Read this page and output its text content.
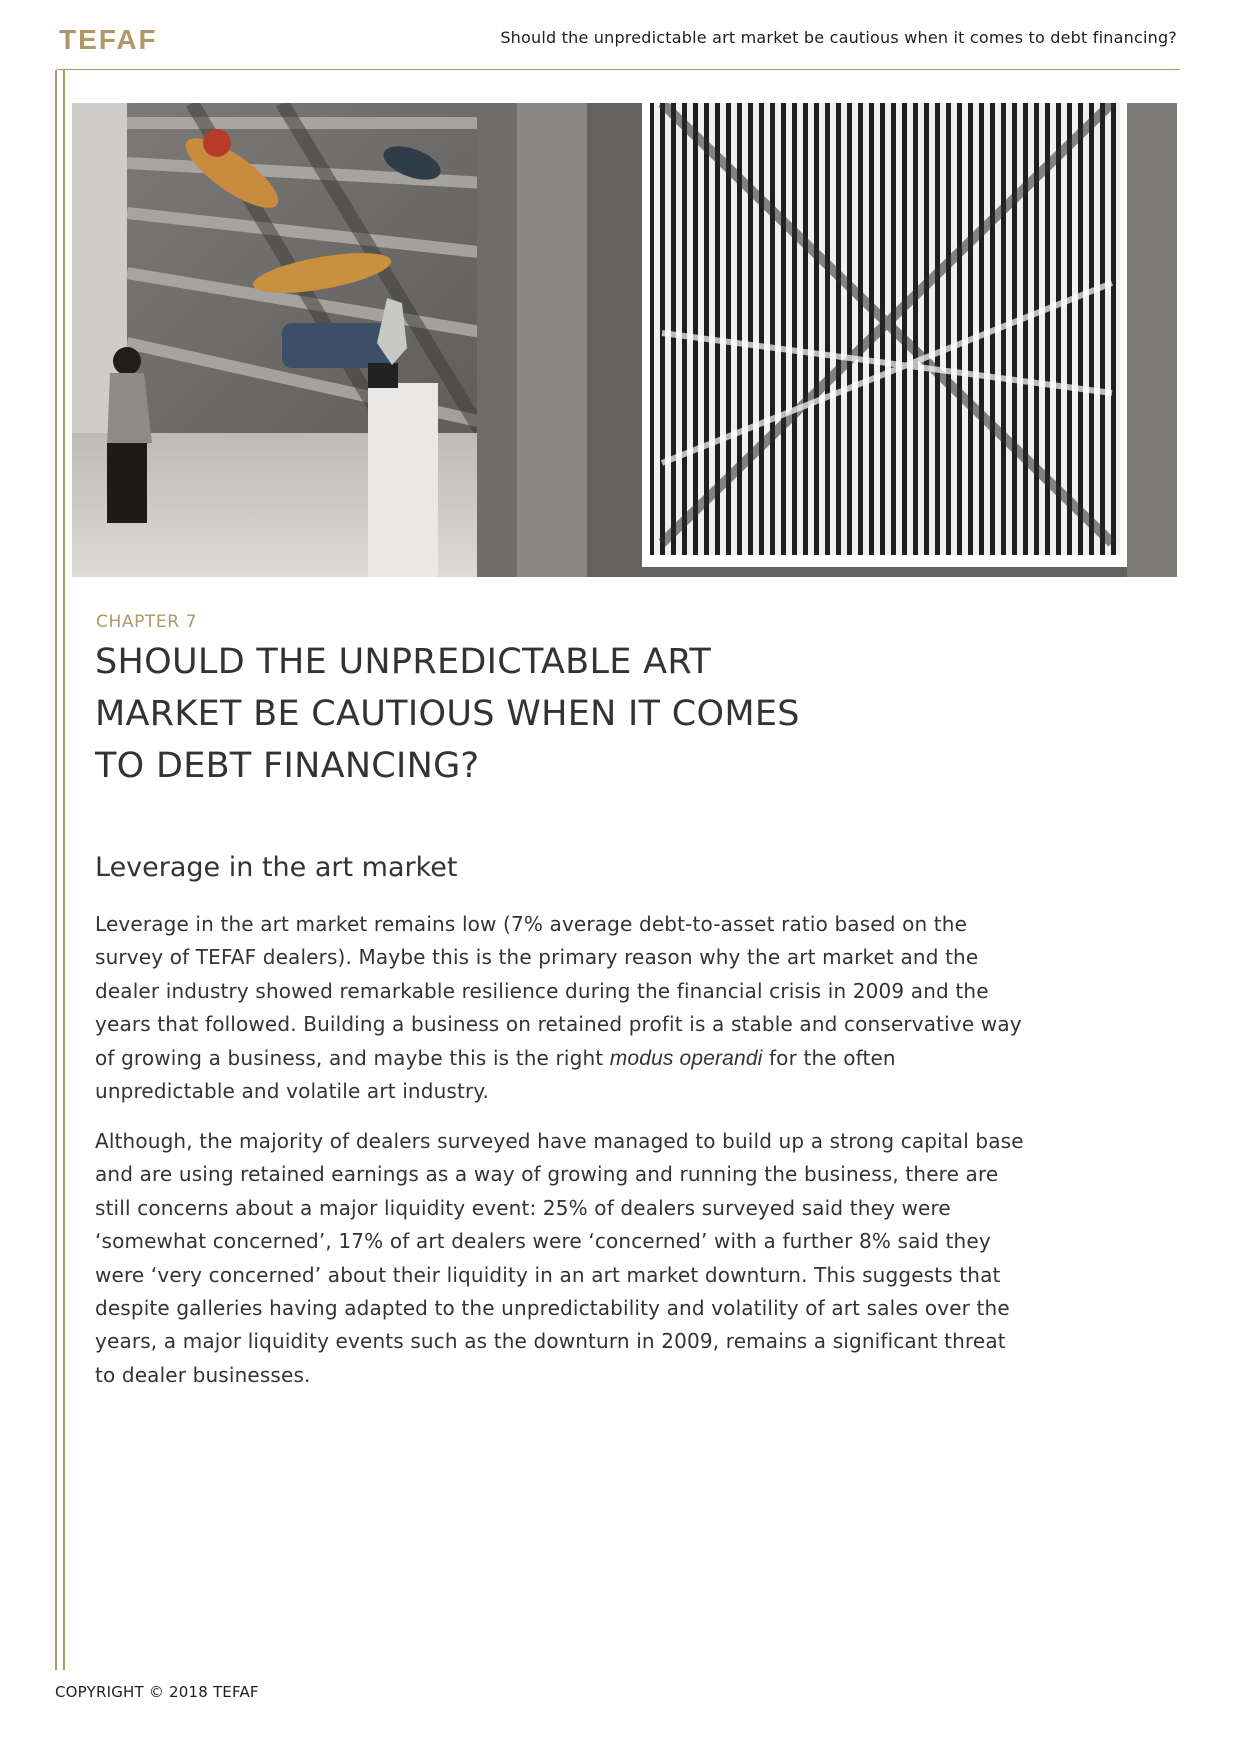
TEFAF	Should the unpredictable art market be cautious when it comes to debt financing?
CHAPTER 7
SHOULD THE UNPREDICTABLE ART
MARKET BE CAUTIOUS WHEN IT COMES
TO DEBT FINANCING?
Leverage in the art market
Leverage in the art market remains low (7% average debt-to-asset ratio based on the
survey of TEFAF dealers). Maybe this is the primary reason why the art market and the
dealer industry showed remarkable resilience during the financial crisis in 2009 and the
years that followed. Building a business on retained profit is a stable and conservative way
of growing a business, and maybe this is the right modus operandi for the often
unpredictable and volatile art industry.
Although, the majority of dealers surveyed have managed to build up a strong capital base
and are using retained earnings as a way of growing and running the business, there are
still concerns about a major liquidity event: 25% of dealers surveyed said they were
‘somewhat concerned’, 17% of art dealers were ‘concerned’ with a further 8% said they
were ‘very concerned’ about their liquidity in an art market downturn. This suggests that
despite galleries having adapted to the unpredictability and volatility of art sales over the
years, a major liquidity events such as the downturn in 2009, remains a significant threat
to dealer businesses.
COPYRIGHT © 2018 TEFAF
